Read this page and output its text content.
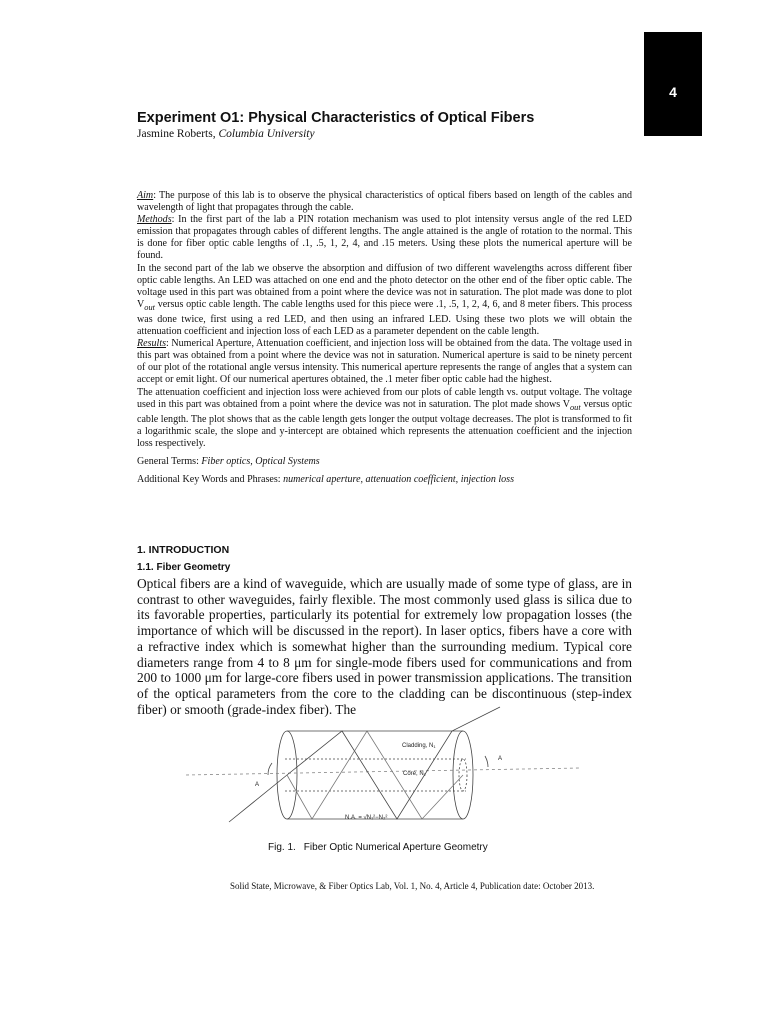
4
Experiment O1: Physical Characteristics of Optical Fibers
Jasmine Roberts, Columbia University

Aim: The purpose of this lab is to observe the physical characteristics of optical fibers based on length of the cables and wavelength of light that propagates through the cable.

Methods: In the first part of the lab a PIN rotation mechanism was used to plot intensity versus angle of the red LED emission that propagates through cables of different lengths. The angle attained is the angle of rotation to the normal. This is done for fiber optic cable lengths of .1, .5, 1, 2, 4, and .15 meters. Using these plots the numerical aperture will be found.

In the second part of the lab we observe the absorption and diffusion of two different wavelengths across different fiber optic cable lengths. An LED was attached on one end and the photo detector on the other end of the fiber optic cable. The voltage used in this part was obtained from a point where the device was not in saturation. The plot made was done to plot $V_{out}$ versus optic cable length. The cable lengths used for this piece were .1, .5, 1, 2, 4, 6, and 8 meter fibers. This process was done twice, first using a red LED, and then using an infrared LED. Using these two plots we will obtain the attenuation coefficient and injection loss of each LED as a parameter dependent on the cable length.

Results: Numerical Aperture, Attenuation coefficient, and injection loss will be obtained from the data. The voltage used in this part was obtained from a point where the device was not in saturation. Numerical aperture is said to be ninety percent of our plot of the rotational angle versus intensity. This numerical aperture represents the range of angles that a system can accept or emit light. Of our numerical apertures obtained, the .1 meter fiber optic cable had the highest.

The attenuation coefficient and injection loss were achieved from our plots of cable length vs. output voltage. The voltage used in this part was obtained from a point where the device was not in saturation. The plot made shows $V_{out}$ versus optic cable length. The plot shows that as the cable length gets longer the output voltage decreases. The plot is transformed to fit a logarithmic scale, the slope and y-intercept are obtained which represents the attenuation coefficient and the injection loss respectively.

General Terms: Fiber optics, Optical Systems

Additional Key Words and Phrases: numerical aperture, attenuation coefficient, injection loss

1. INTRODUCTION
1.1. Fiber Geometry

Optical fibers are a kind of waveguide, which are usually made of some type of glass, are in contrast to other waveguides, fairly flexible. The most commonly used glass is silica due to its favorable properties, particularly its potential for extremely low propagation losses (the importance of which will be discussed in the report). In laser optics, fibers have a core with a refractive index which is somewhat higher than the surrounding medium. Typical core diameters range from 4 to 8 μm for single-mode fibers used for communications and from 200 to 1000 μm for large-core fibers used in power transmission applications. The transition of the optical parameters from the core to the cladding can be discontinuous (step-index fiber) or smooth (grade-index fiber). The

Cladding, N1
Core, N2
A
A
N.A. = √N₁²−N₂²
Fig. 1. Fiber Optic Numerical Aperture Geometry
Solid State, Microwave, & Fiber Optics Lab, Vol. 1, No. 4, Article 4, Publication date: October 2013.
